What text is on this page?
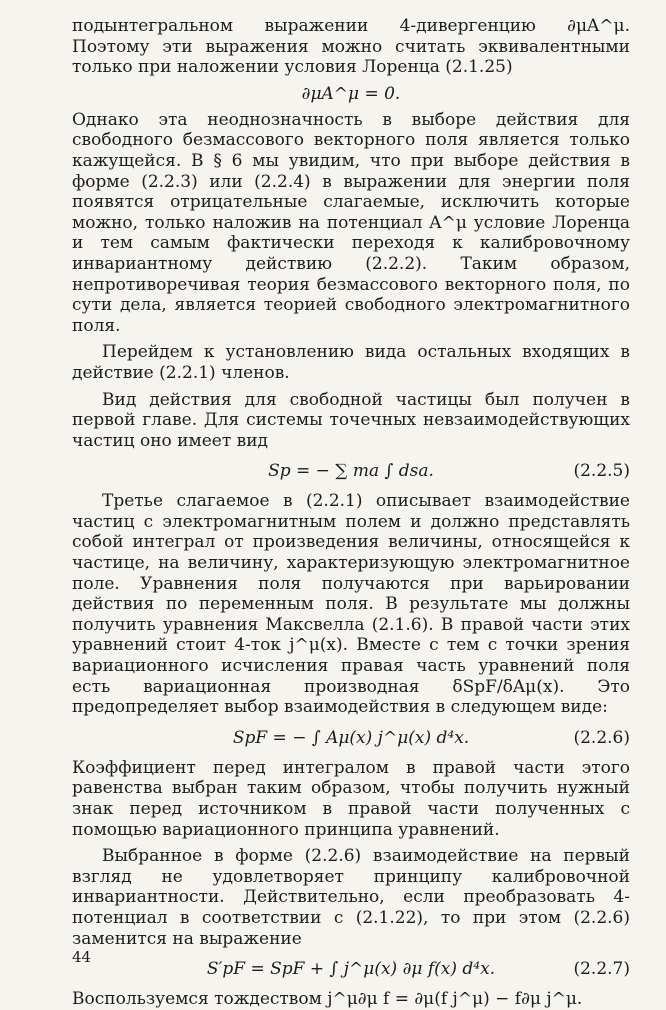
подынтегральном выражении 4-дивергенцию ∂μA^μ. Поэтому эти выражения можно считать эквивалентными только при наложении условия Лоренца (2.1.25)

∂μA^μ = 0.

Однако эта неоднозначность в выборе действия для свободного безмассового векторного поля является только кажущейся. В § 6 мы увидим, что при выборе действия в форме (2.2.3) или (2.2.4) в выражении для энергии поля появятся отрицательные слагаемые, исключить которые можно, только наложив на потенциал A^μ условие Лоренца и тем самым фактически переходя к калибровочному инвариантному действию (2.2.2). Таким образом, непротиворечивая теория безмассового векторного поля, по сути дела, является теорией свободного электромагнитного поля.

Перейдем к установлению вида остальных входящих в действие (2.2.1) членов.

Вид действия для свободной частицы был получен в первой главе. Для системы точечных невзаимодействующих частиц оно имеет вид

Sp = − ∑ ma ∫ dsa.	(2.2.5)

Третье слагаемое в (2.2.1) описывает взаимодействие частиц с электромагнитным полем и должно представлять собой интеграл от произведения величины, относящейся к частице, на величину, характеризующую электромагнитное поле. Уравнения поля получаются при варьировании действия по переменным поля. В результате мы должны получить уравнения Максвелла (2.1.6). В правой части этих уравнений стоит 4-ток j^μ(x). Вместе с тем с точки зрения вариационного исчисления правая часть уравнений поля есть вариационная производная δSpF/δAμ(x). Это предопределяет выбор взаимодействия в следующем виде:

SpF = − ∫ Aμ(x) j^μ(x) d⁴x.	(2.2.6)

Коэффициент перед интегралом в правой части этого равенства выбран таким образом, чтобы получить нужный знак перед источником в правой части полученных с помощью вариационного принципа уравнений.

Выбранное в форме (2.2.6) взаимодействие на первый взгляд не удовлетворяет принципу калибровочной инвариантности. Действительно, если преобразовать 4-потенциал в соответствии с (2.1.22), то при этом (2.2.6) заменится на выражение

S′pF = SpF + ∫ j^μ(x) ∂μ f(x) d⁴x.	(2.2.7)

Воспользуемся тождеством j^μ∂μ f = ∂μ(f j^μ) − f∂μ j^μ.

44
